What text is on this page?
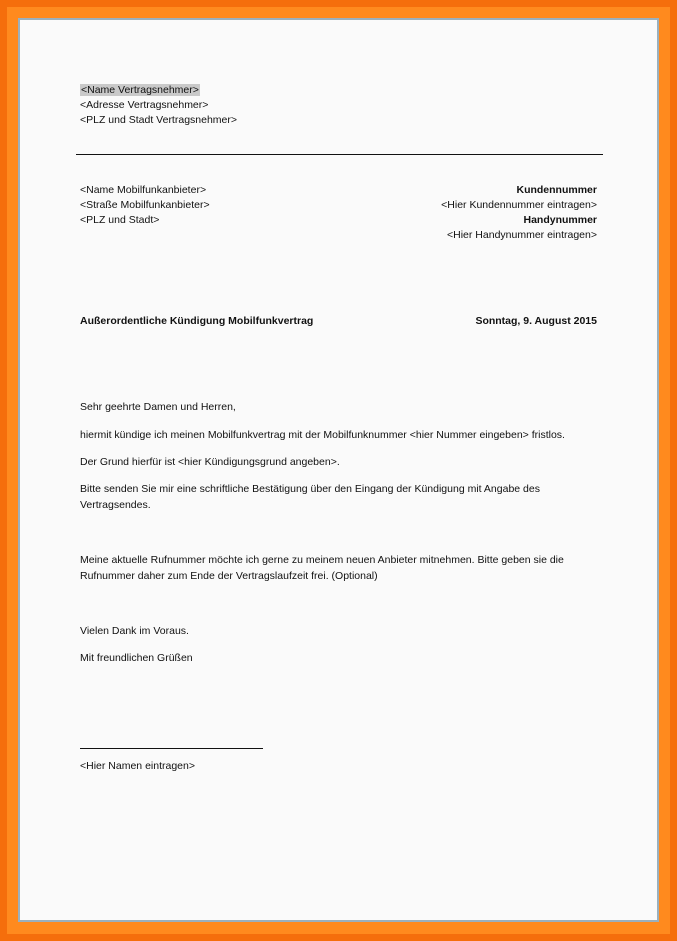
<Name Vertragsnehmer>
<Adresse Vertragsnehmer>
<PLZ und Stadt Vertragsnehmer>
<Name Mobilfunkanbieter>
<Straße Mobilfunkanbieter>
<PLZ und Stadt>
Kundennummer
<Hier Kundennummer eintragen>
Handynummer
<Hier Handynummer eintragen>
Außerordentliche Kündigung Mobilfunkvertrag	Sonntag, 9. August 2015
Sehr geehrte Damen und Herren,
hiermit kündige ich meinen Mobilfunkvertrag mit der Mobilfunknummer <hier Nummer eingeben> fristlos.
Der Grund hierfür ist <hier Kündigungsgrund angeben>.
Bitte senden Sie mir eine schriftliche Bestätigung über den Eingang der Kündigung mit Angabe des
Vertragsendes.
Meine aktuelle Rufnummer möchte ich gerne zu meinem neuen Anbieter mitnehmen. Bitte geben sie die
Rufnummer daher zum Ende der Vertragslaufzeit frei. (Optional)
Vielen Dank im Voraus.
Mit freundlichen Grüßen
<Hier Namen eintragen>
